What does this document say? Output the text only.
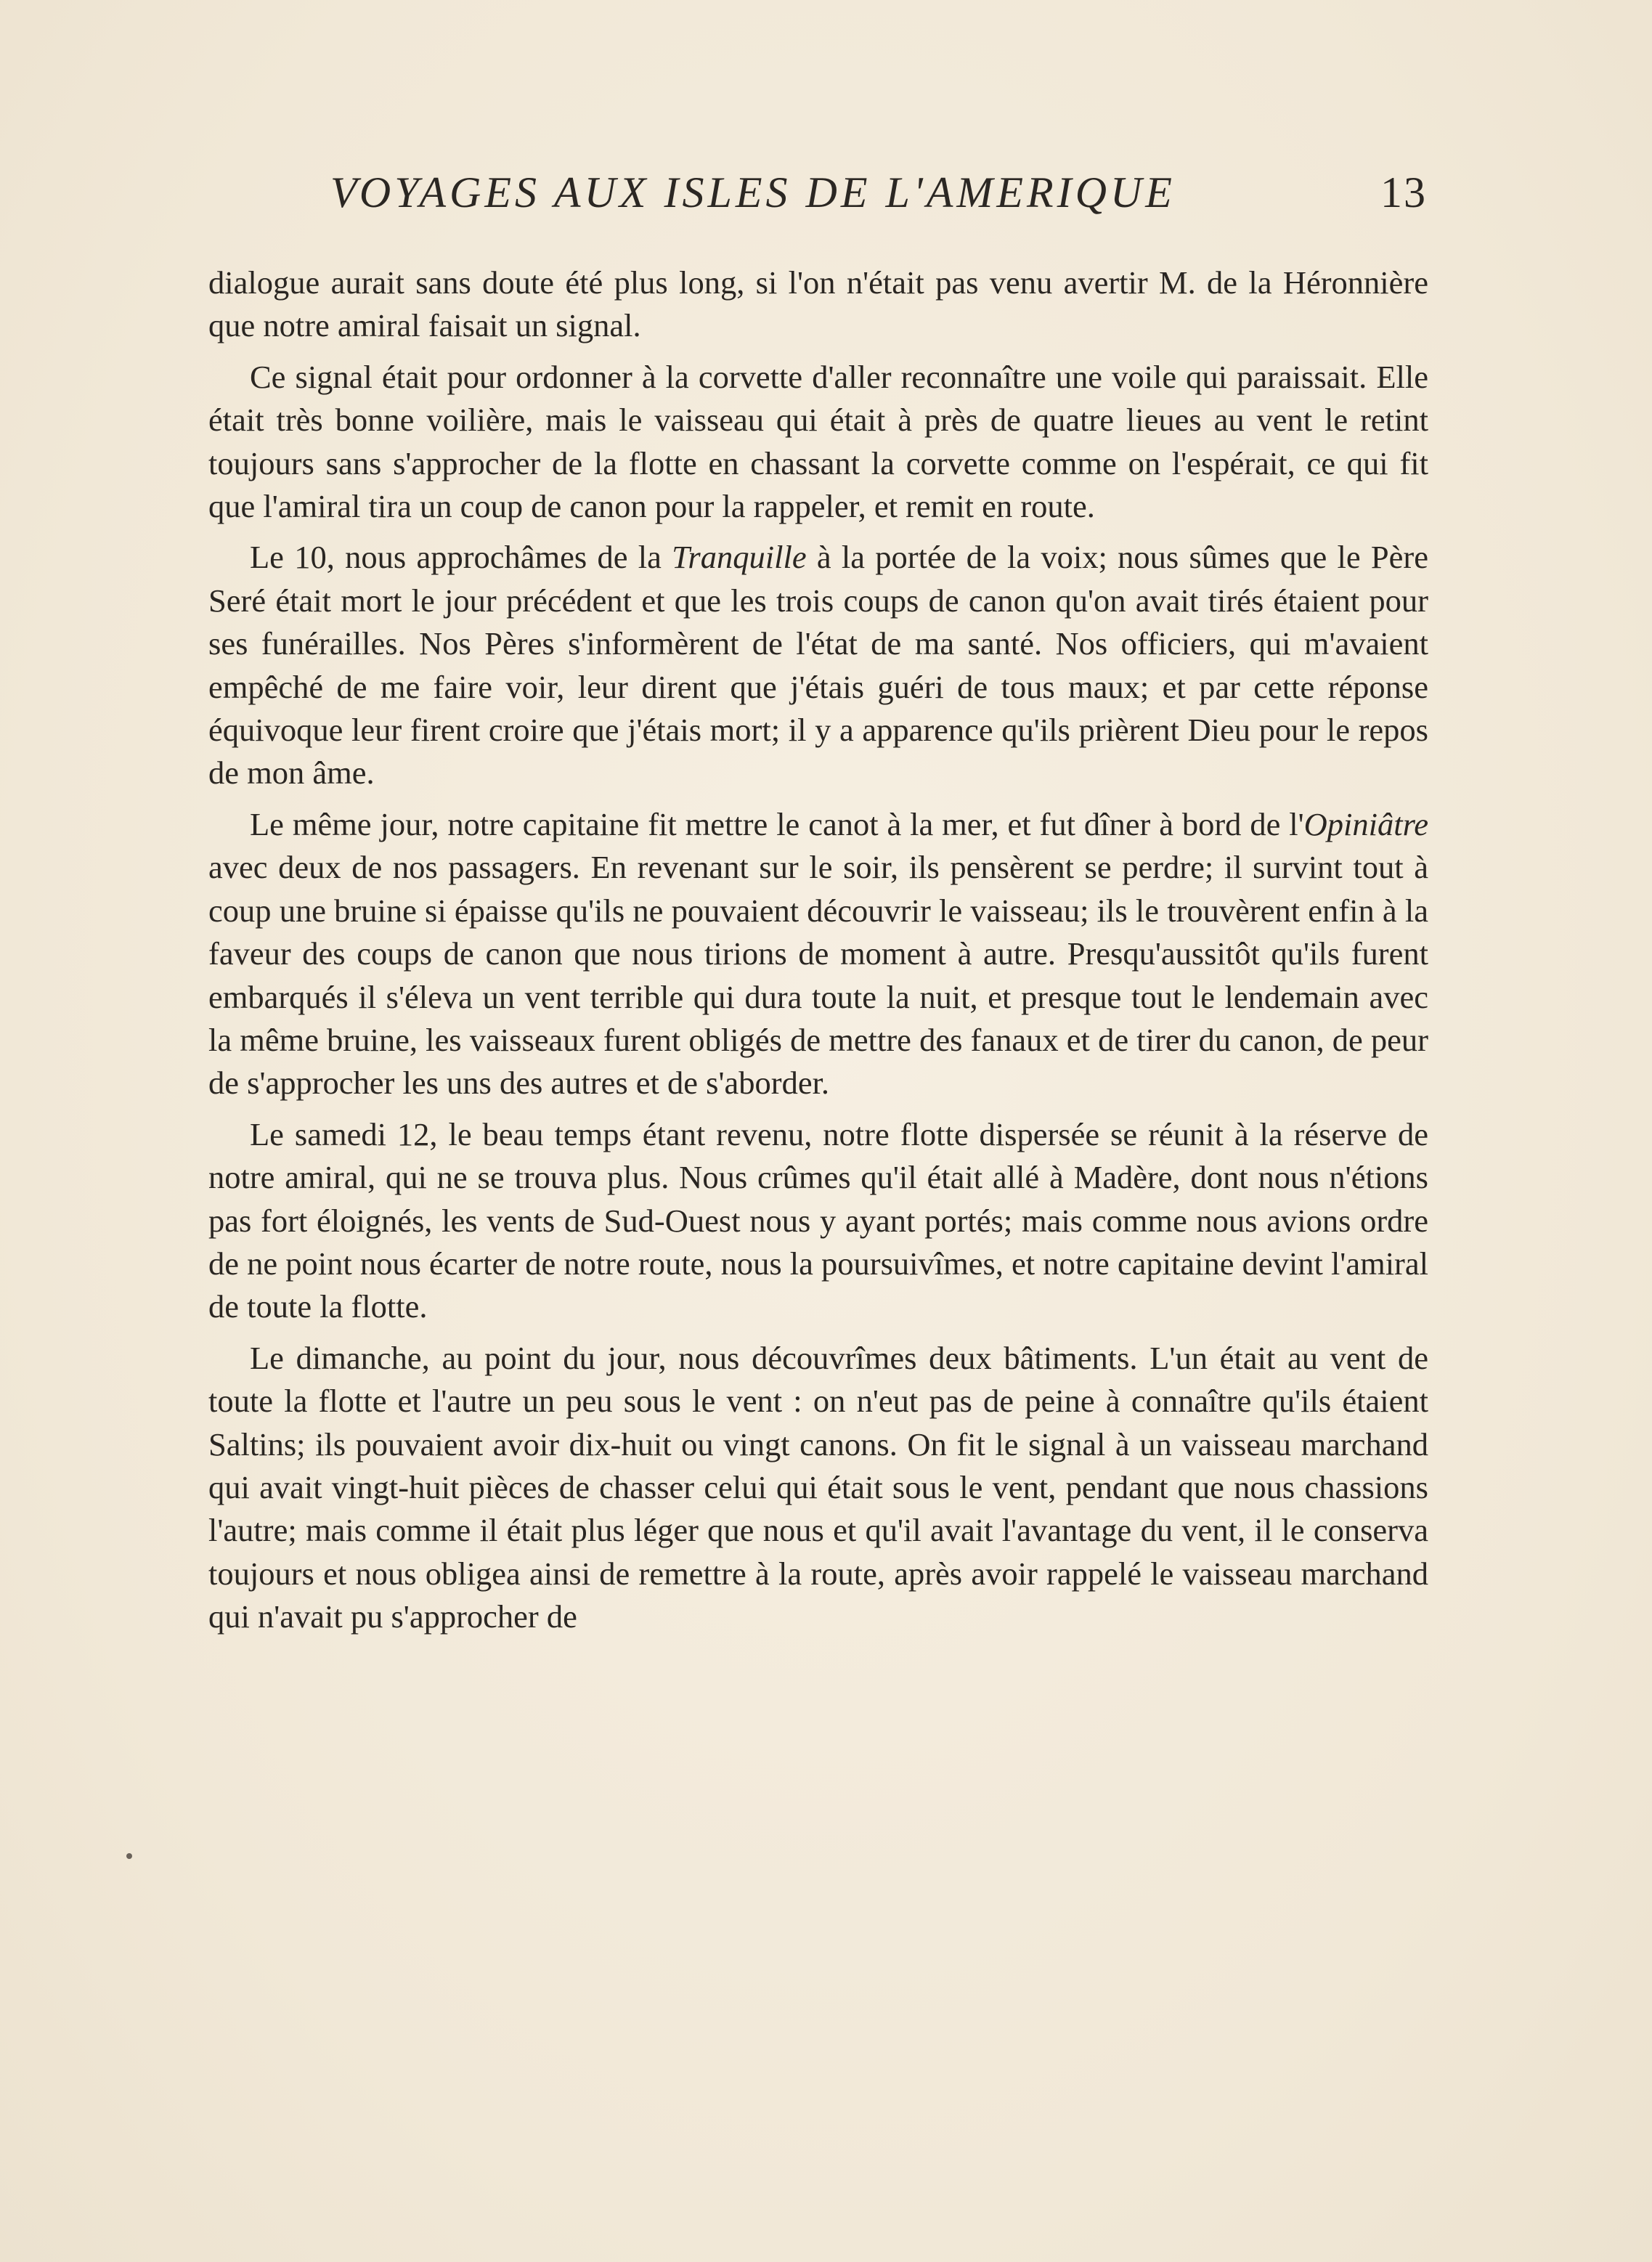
VOYAGES AUX ISLES DE L'AMERIQUE	13

dialogue aurait sans doute été plus long, si l'on n'était pas venu avertir M. de la Héronnière que notre amiral faisait un signal.

Ce signal était pour ordonner à la corvette d'aller reconnaître une voile qui paraissait. Elle était très bonne voilière, mais le vaisseau qui était à près de quatre lieues au vent le retint toujours sans s'approcher de la flotte en chassant la corvette comme on l'espérait, ce qui fit que l'amiral tira un coup de canon pour la rappeler, et remit en route.

Le 10, nous approchâmes de la Tranquille à la portée de la voix; nous sûmes que le Père Seré était mort le jour précédent et que les trois coups de canon qu'on avait tirés étaient pour ses funérailles. Nos Pères s'informèrent de l'état de ma santé. Nos officiers, qui m'avaient empêché de me faire voir, leur dirent que j'étais guéri de tous maux; et par cette réponse équivoque leur firent croire que j'étais mort; il y a apparence qu'ils prièrent Dieu pour le repos de mon âme.

Le même jour, notre capitaine fit mettre le canot à la mer, et fut dîner à bord de l'Opiniâtre avec deux de nos passagers. En revenant sur le soir, ils pensèrent se perdre; il survint tout à coup une bruine si épaisse qu'ils ne pouvaient découvrir le vaisseau; ils le trouvèrent enfin à la faveur des coups de canon que nous tirions de moment à autre. Presqu'aussitôt qu'ils furent embarqués il s'éleva un vent terrible qui dura toute la nuit, et presque tout le lendemain avec la même bruine, les vaisseaux furent obligés de mettre des fanaux et de tirer du canon, de peur de s'approcher les uns des autres et de s'aborder.

Le samedi 12, le beau temps étant revenu, notre flotte dispersée se réunit à la réserve de notre amiral, qui ne se trouva plus. Nous crûmes qu'il était allé à Madère, dont nous n'étions pas fort éloignés, les vents de Sud-Ouest nous y ayant portés; mais comme nous avions ordre de ne point nous écarter de notre route, nous la poursuivîmes, et notre capitaine devint l'amiral de toute la flotte.

Le dimanche, au point du jour, nous découvrîmes deux bâtiments. L'un était au vent de toute la flotte et l'autre un peu sous le vent : on n'eut pas de peine à connaître qu'ils étaient Saltins; ils pouvaient avoir dix-huit ou vingt canons. On fit le signal à un vaisseau marchand qui avait vingt-huit pièces de chasser celui qui était sous le vent, pendant que nous chassions l'autre; mais comme il était plus léger que nous et qu'il avait l'avantage du vent, il le conserva toujours et nous obligea ainsi de remettre à la route, après avoir rappelé le vaisseau marchand qui n'avait pu s'approcher de
